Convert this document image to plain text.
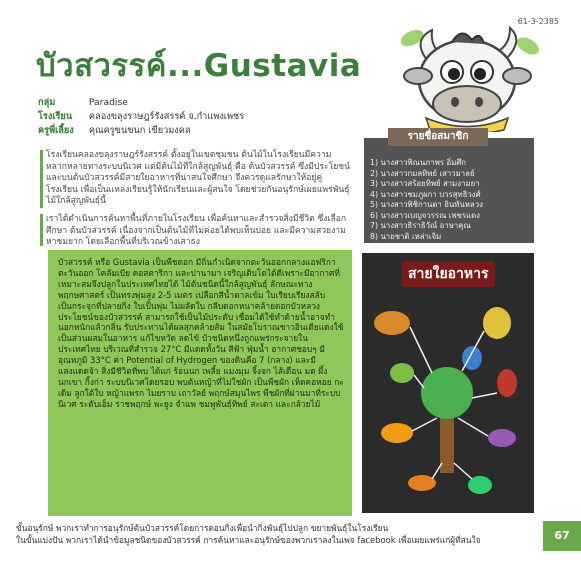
61-3-2385
บัวสวรรค์...Gustavia
กลุ่ม	Paradise
โรงเรียน คลองขลุงราษฎร์รังสรรค์ จ.กำแพงเพชร
ครูพี่เลี้ยง คุณครูขนขนก เขียวมงคล
โรงเรียนคลองขลุงราษฎร์รังสรรค์ ตั้งอยู่ในเขตชุมชน ต้นไม้ในโรงเรียนมีความหลากหลายทางระบบนิเวศ แต่มีต้นไม้ที่ใกล้สูญพันธุ์ คือ ต้นบัวสวรรค์ ซึ่งมีประโยชน์และบนต้นบัวสวรรค์มีสายใยอาหารที่น่าสนใจศึกษา จึงควรดูแลรักษาให้อยู่คู่โรงเรียน เพื่อเป็นแหล่งเรียนรู้ให้นักเรียนและผู้สนใจ โดยช่วยกันอนุรักษ์เผยแพร่พันธุ์ไม้ใกล้สูญพันธุ์นี้
เราได้ดำเนินการค้นหาพื้นที่ภายในโรงเรียน เพื่อค้นหาและสำรวจสิ่งมีชีวิต ซึ่งเลือกศึกษา ต้นบัวสวรรค์ เนื่องจากเป็นต้นไม้ที่ไม่ค่อยได้พบเห็นบ่อย และมีความสวยงาม หาชมยาก โดยเลือกพื้นที่บริเวณข้างเสาธง
รายชื่อสมาชิก
1) นางสาวพิณนภาพร อิ่มศึก
2) นางสาวกมลทิพย์ เสาวมาลย์
3) นางสาวสร้อยทิพย์ สามงามยา
4) นางสาวชมภูผกา บวรสุทธิวงศ์
5) นางสาวพิชิกานดา อินทันหลวง
6) นางสาวเบญจวรรณ เพชรแดง
7) นางสาวธิราธิวัณ์ อาษาคุณ
8) นายชาติ เหล่าเจิม
บัวสวรรค์ หรือ Gustavia เป็นพืชดอก มีถิ่นกำเนิดจากตะวันออกกลางแอฟริกาตะวันออก โคลัมเบีย คอสตาริกา และปานามา เจริญเติบโตได้ดีเพราะมีอากาศที่เหมาะสมจึงปลูกในประเทศไทยได้ ไม้ต้นชนิดนี้ใกล้สูญพันธุ์ ลักษณะทางพฤกษศาสตร์ เป็นทรงพุ่มสูง 2-5 เมตร เปลือกสีน้ำตาลเข้ม ใบเรียบเรียงสลับเป็นกระจุกที่ปลายกิ่ง ใบเป็นพุ่ม ไม่ผลัดใบ กลีบดอกหนาคล้ายดอกบัวหลวง ประโยชน์ของบัวสวรรค์ สามารถใช้เป็นไม้ประดับ เชื่อมได้ใช้ทำด้ายน้ำอาจทำนอกหนักแล้วกลิ่น รับประทานได้ผลสุกคล้ายส้ม ในสมัยโบราณชาวอินเดียแดงใช้เป็นส่วนผสมในอาหาร แก้ไขหวัด ลดไข้ บัวชนิดหนึ่งถูกแพร่กระจายในประเทศไทย บริเวณที่สำรวจ 27°C มีแดดทั้งวัน สีฟ้า ฟุ่มน้ำ อากาศชอบๆ มีอุณหภูมิ 33°C ค่า Potential of Hydrogen ของดินคือ 7 (กลาง) และมีแสงแดดจ้า สิ่งมีชีวิตที่พบ ได้แก่ ร้อนนก เพลี้ย แมงมุม จิ้งจก ไส้เดือน มด ผึ้ง นกเขา กิ้งก่า ระบบนิเวศโดยรอบ พบต้นหญ้าที่ไม่ใช่ผัก เป็นพืชผัก เห็ดคอหอย กะเดิม ลูกใต้ใบ หญ้าแพรก ไมยราบ เถาวัลย์ พฤกษ์สมุนไพร พืชผักที่ผ่านมาที่ระบบนิเวศ ระดับเอ็ม ราชพฤกษ์ พะยูง จำแพ ชมพูพันธุ์ทิพย์ สะเดา และกล้วยไม้
สายใยอาหาร
ขั้นอนุรักษ์ พวกเราทำการอนุรักษ์ต้นบัวสวรรค์โดยการตอนกิ่งเพื่อนำกิ่งพันธุ์ไปปลูก ขยายพันธุ์ในโรงเรียน
ในขั้นแบ่งปัน พวกเราได้นำข้อมูลชนิดของบัวสวรรค์ การค้นหาและอนุรักษ์ของพวกเราลงในเพจ facebook เพื่อเผยแพร่แก่ผู้ที่สนใจ	67
